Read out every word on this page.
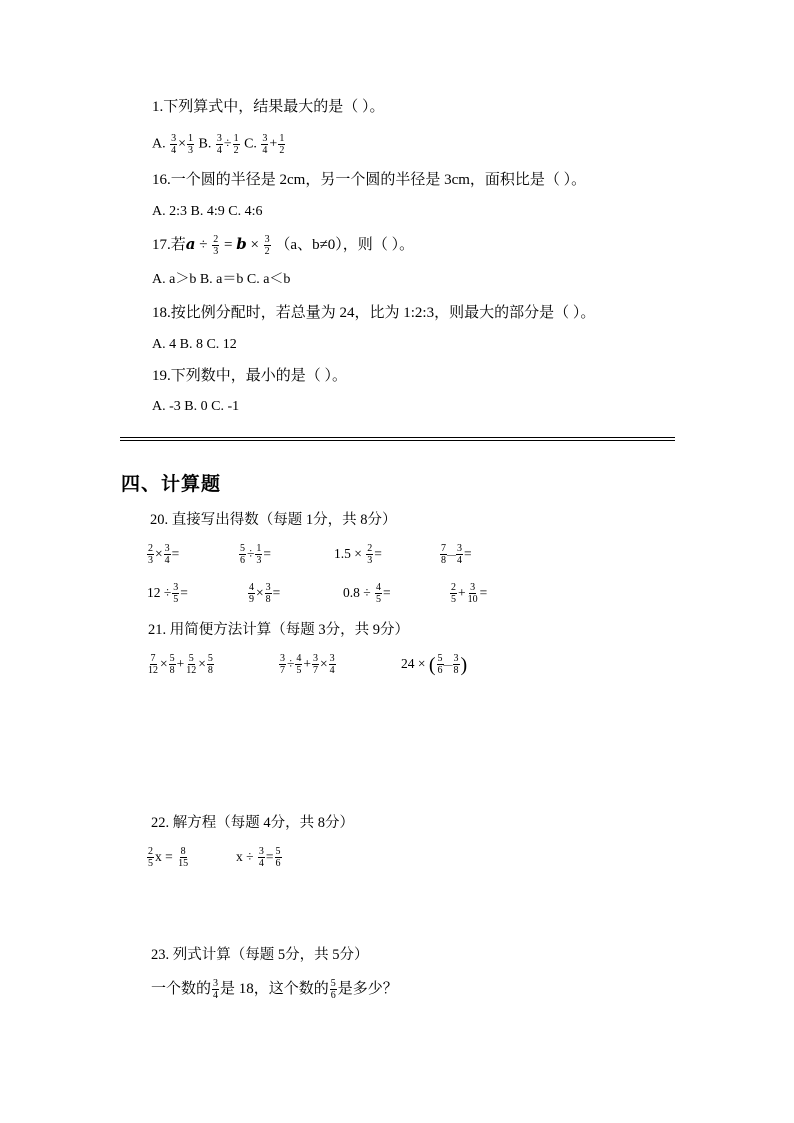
1.下列算式中，结果最大的是（ ）。
A. $\frac{3}{4} \times \frac{1}{3} B$. $\frac{3}{4} \div \frac{1}{2} C$. $\frac{3}{4} + \frac{1}{2}$
16.一个圆的半径是 2cm，另一个圆的半径是 3cm，面积比是（ ）。
A. 2:3 B. 4:9 C. 4:6
17.若$a \div \frac{2}{3} = b \times \frac{3}{2} (a$、b≠0），则（ ）。
A. a＞b B. a＝b C. a＜b
18.按比例分配时，若总量为 24，比为 1:2:3，则最大的部分是（ ）。
A. 4 B. 8 C. 12
19.下列数中，最小的是（ ）。
A. -3 B. 0 C. -1
四、计算题
20. 直接写出得数（每题 1分，共 8分）
$\frac{2}{3} \times \frac{3}{4}$ =	$\frac{5}{6} \div \frac{1}{3}$ =	$1.5 \times \frac{2}{3}$ =	$\frac{7}{8}$ — $\frac{3}{4}$ =
$12 \div \frac{3}{5}$ =	$\frac{4}{9} \times \frac{3}{8}$ =	$0.8 \div \frac{4}{5}$ =	$\frac{2}{5} + \frac{3}{10}$ =
21. 用简便方法计算（每题 3分，共 9分）
$\frac{7}{12} \times \frac{5}{8} + \frac{5}{12} \times \frac{5}{8}$	$\frac{3}{7} \div \frac{4}{5} + \frac{3}{7} \times \frac{3}{4}$	24 × ( $\frac{5}{6}$ — $\frac{3}{8}$ )
22. 解方程（每题 4分，共 8分）
$\frac{2}{5}$ $x = \frac{8}{15}$	$x \div \frac{3}{4} = \frac{5}{6}$
23. 列式计算（每题 5分，共 5分）
一个数的 $\frac{3}{4}$ 是 18，这个数的 $\frac{5}{6}$ 是多少？
